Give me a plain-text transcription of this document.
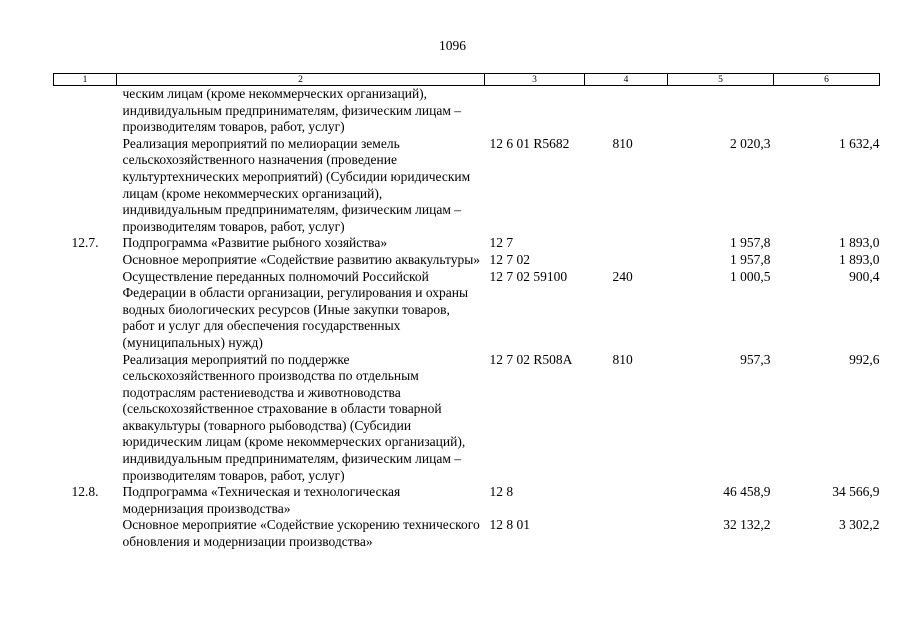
1096
1	2	3	4	5	6
	ческим лицам (кроме некоммерческих организаций), индивидуальным предпринимателям, физическим лицам – производителям товаров, работ, услуг)				
	Реализация мероприятий по мелиорации земель сельскохозяйственного назначения (проведение культуртехнических мероприятий) (Субсидии юридическим лицам (кроме некоммерческих организаций), индивидуальным предпринимателям, физическим лицам – производителям товаров, работ, услуг)	12 6 01 R5682	810	2 020,3	1 632,4
12.7.	Подпрограмма «Развитие рыбного хозяйства»	12 7		1 957,8	1 893,0
	Основное мероприятие «Содействие развитию аквакультуры»	12 7 02		1 957,8	1 893,0
	Осуществление переданных полномочий Российской Федерации в области организации, регулирования и охраны водных биологических ресурсов (Иные закупки товаров, работ и услуг для обеспечения государственных (муниципальных) нужд)	12 7 02 59100	240	1 000,5	900,4
	Реализация мероприятий по поддержке сельскохозяйственного производства по отдельным подотраслям растениеводства и животноводства (сельскохозяйственное страхование в области товарной аквакультуры (товарного рыбоводства) (Субсидии юридическим лицам (кроме некоммерческих организаций), индивидуальным предпринимателям, физическим лицам – производителям товаров, работ, услуг)	12 7 02 R508A	810	957,3	992,6
12.8.	Подпрограмма «Техническая и технологическая модернизация производства»	12 8		46 458,9	34 566,9
	Основное мероприятие «Содействие ускорению технического обновления и модернизации производства»	12 8 01		32 132,2	3 302,2
